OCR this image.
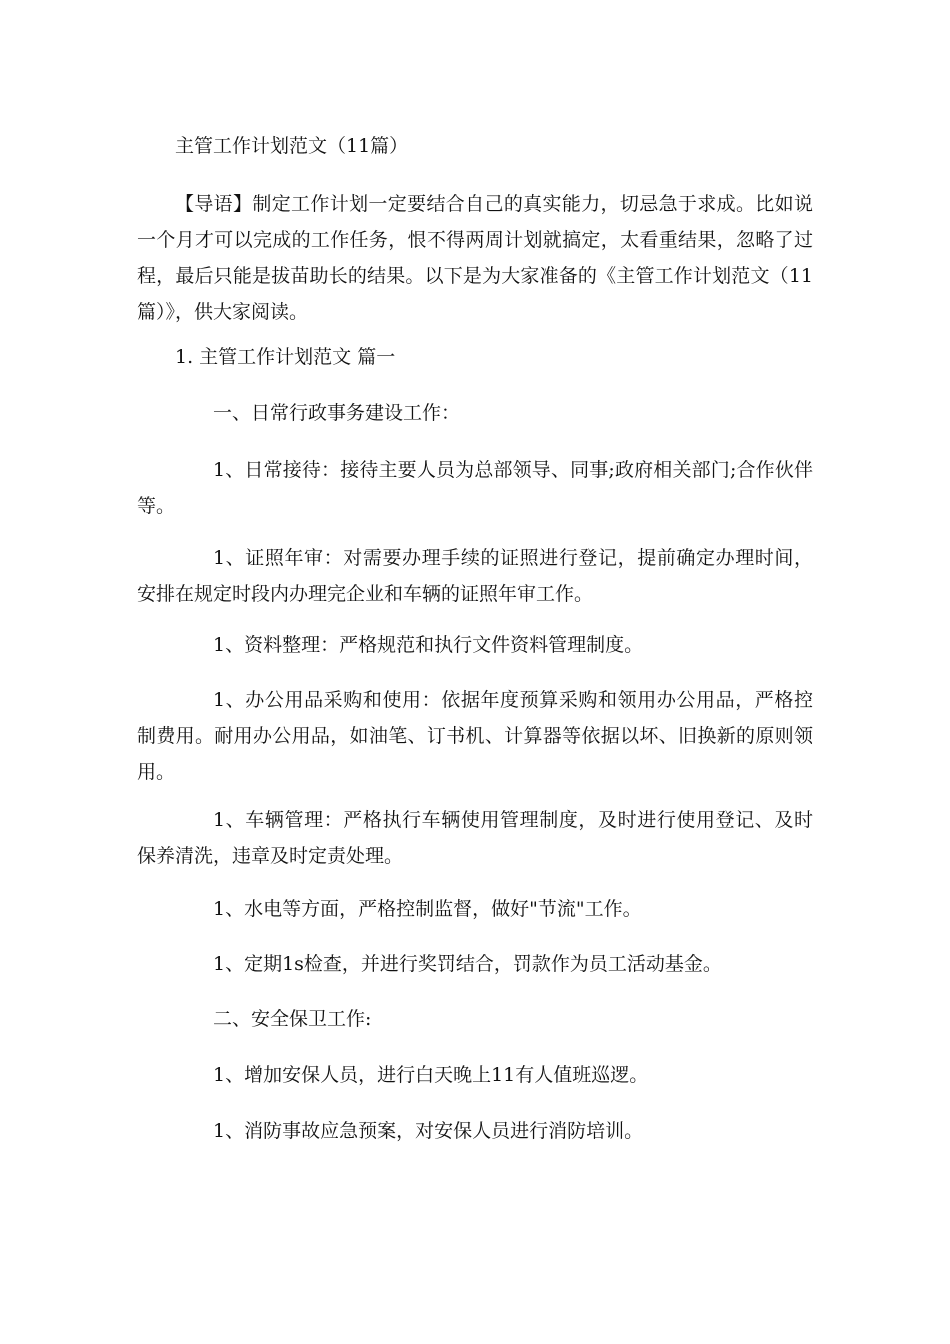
主管工作计划范文（11篇）

【导语】制定工作计划一定要结合自己的真实能力，切忌急于求成。比如说一个月才可以完成的工作任务，恨不得两周计划就搞定，太看重结果，忽略了过程，最后只能是拔苗助长的结果。以下是为大家准备的《主管工作计划范文（11篇）》，供大家阅读。

1. 主管工作计划范文 篇一

一、日常行政事务建设工作：

1、日常接待：接待主要人员为总部领导、同事;政府相关部门;合作伙伴等。

1、证照年审：对需要办理手续的证照进行登记，提前确定办理时间，安排在规定时段内办理完企业和车辆的证照年审工作。

1、资料整理：严格规范和执行文件资料管理制度。

1、办公用品采购和使用：依据年度预算采购和领用办公用品，严格控制费用。耐用办公用品，如油笔、订书机、计算器等依据以坏、旧换新的原则领用。

1、车辆管理：严格执行车辆使用管理制度，及时进行使用登记、及时保养清洗，违章及时定责处理。

1、水电等方面，严格控制监督，做好"节流"工作。

1、定期1s检查，并进行奖罚结合，罚款作为员工活动基金。

二、安全保卫工作:

1、增加安保人员，进行白天晚上11有人值班巡逻。

1、消防事故应急预案，对安保人员进行消防培训。
